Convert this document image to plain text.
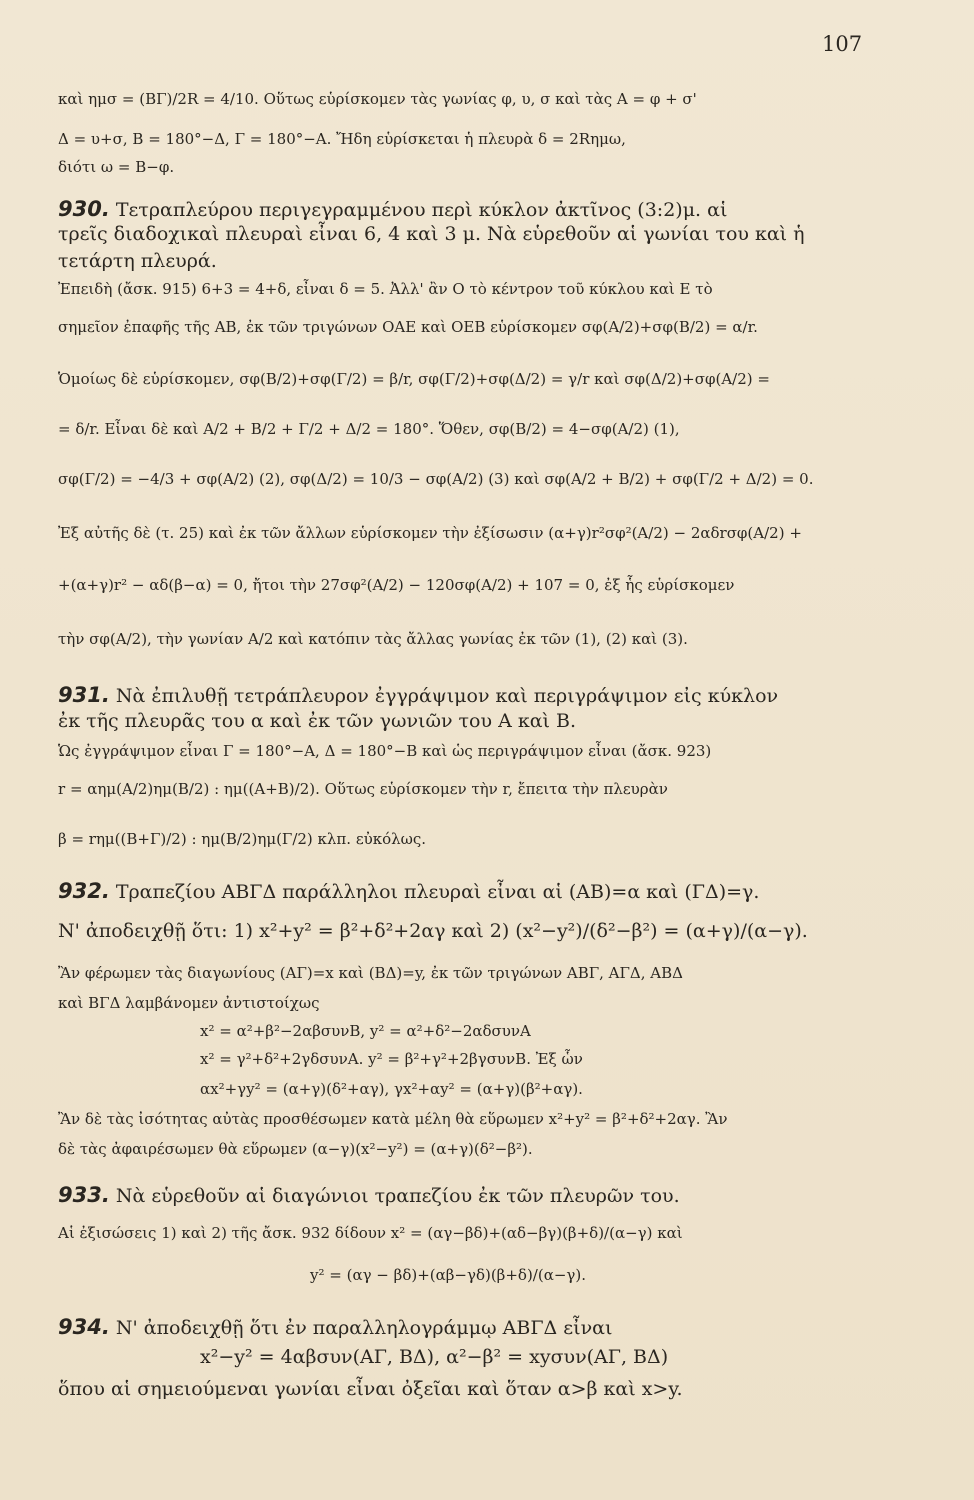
107
καὶ ημσ = (ΒΓ)/2R = 4/10. Οὕτως εὑρίσκομεν τὰς γωνίας φ, υ, σ καὶ τὰς Α = φ + σ'
Δ = υ+σ, Β = 180°−Δ, Γ = 180°−Α. Ἤδη εὑρίσκεται ἡ πλευρὰ δ = 2Rημω,
διότι ω = Β−φ.
930. Τετραπλεύρου περιγεγραμμένου περὶ κύκλον ἀκτῖνος (3:2)μ. αἱ
τρεῖς διαδοχικαὶ πλευραὶ εἶναι 6, 4 καὶ 3 μ. Νὰ εὑρεθοῦν αἱ γωνίαι του καὶ ἡ
τετάρτη πλευρά.
Ἐπειδὴ (ἄσκ. 915) 6+3 = 4+δ, εἶναι δ = 5. Ἀλλ' ἂν Ο τὸ κέντρον τοῦ κύκλου καὶ Ε τὸ
σημεῖον ἐπαφῆς τῆς ΑΒ, ἐκ τῶν τριγώνων ΟΑΕ καὶ ΟΕΒ εὑρίσκομεν σφ(Α/2)+σφ(Β/2) = α/r.
Ὁμοίως δὲ εὑρίσκομεν, σφ(Β/2)+σφ(Γ/2) = β/r, σφ(Γ/2)+σφ(Δ/2) = γ/r καὶ σφ(Δ/2)+σφ(Α/2) =
= δ/r. Εἶναι δὲ καὶ Α/2 + Β/2 + Γ/2 + Δ/2 = 180°. Ὅθεν, σφ(Β/2) = 4−σφ(Α/2) (1),
σφ(Γ/2) = −4/3 + σφ(Α/2) (2), σφ(Δ/2) = 10/3 − σφ(Α/2) (3) καὶ σφ(Α/2 + Β/2) + σφ(Γ/2 + Δ/2) = 0.
Ἐξ αὐτῆς δὲ (τ. 25) καὶ ἐκ τῶν ἄλλων εὑρίσκομεν τὴν ἐξίσωσιν (α+γ)r²σφ²(Α/2) − 2αδrσφ(Α/2) +
+(α+γ)r² − αδ(β−α) = 0, ἤτοι τὴν 27σφ²(Α/2) − 120σφ(Α/2) + 107 = 0, ἐξ ἧς εὑρίσκομεν
τὴν σφ(Α/2), τὴν γωνίαν Α/2 καὶ κατόπιν τὰς ἄλλας γωνίας ἐκ τῶν (1), (2) καὶ (3).
931. Νὰ ἐπιλυθῇ τετράπλευρον ἐγγράψιμον καὶ περιγράψιμον εἰς κύκλον
ἐκ τῆς πλευρᾶς του α καὶ ἐκ τῶν γωνιῶν του Α καὶ Β.
Ὡς ἐγγράψιμον εἶναι Γ = 180°−Α, Δ = 180°−Β καὶ ὡς περιγράψιμον εἶναι (ἄσκ. 923)
r = αημ(Α/2)ημ(Β/2) : ημ((Α+Β)/2). Οὕτως εὑρίσκομεν τὴν r, ἔπειτα τὴν πλευρὰν
β = rημ((Β+Γ)/2) : ημ(Β/2)ημ(Γ/2) κλπ. εὐκόλως.
932. Τραπεζίου ΑΒΓΔ παράλληλοι πλευραὶ εἶναι αἱ (ΑΒ)=α καὶ (ΓΔ)=γ.
Ν' ἀποδειχθῇ ὅτι: 1) x²+y² = β²+δ²+2αγ καὶ 2) (x²−y²)/(δ²−β²) = (α+γ)/(α−γ).
Ἂν φέρωμεν τὰς διαγωνίους (ΑΓ)=x καὶ (ΒΔ)=y, ἐκ τῶν τριγώνων ΑΒΓ, ΑΓΔ, ΑΒΔ
καὶ ΒΓΔ λαμβάνομεν ἀντιστοίχως
x² = α²+β²−2αβσυνΒ, y² = α²+δ²−2αδσυνΑ
x² = γ²+δ²+2γδσυνΑ. y² = β²+γ²+2βγσυνΒ. Ἐξ ὧν
αx²+γy² = (α+γ)(δ²+αγ), γx²+αy² = (α+γ)(β²+αγ).
Ἂν δὲ τὰς ἰσότητας αὐτὰς προσθέσωμεν κατὰ μέλη θὰ εὕρωμεν x²+y² = β²+δ²+2αγ. Ἂν
δὲ τὰς ἀφαιρέσωμεν θὰ εὕρωμεν (α−γ)(x²−y²) = (α+γ)(δ²−β²).
933. Νὰ εὑρεθοῦν αἱ διαγώνιοι τραπεζίου ἐκ τῶν πλευρῶν του.
Αἱ ἐξισώσεις 1) καὶ 2) τῆς ἄσκ. 932 δίδουν x² = (αγ−βδ)+(αδ−βγ)(β+δ)/(α−γ) καὶ
y² = (αγ − βδ)+(αβ−γδ)(β+δ)/(α−γ).
934. Ν' ἀποδειχθῇ ὅτι ἐν παραλληλογράμμῳ ΑΒΓΔ εἶναι
x²−y² = 4αβσυν(ΑΓ, ΒΔ), α²−β² = xyσυν(ΑΓ, ΒΔ)
ὅπου αἱ σημειούμεναι γωνίαι εἶναι ὀξεῖαι καὶ ὅταν α>β καὶ x>y.
